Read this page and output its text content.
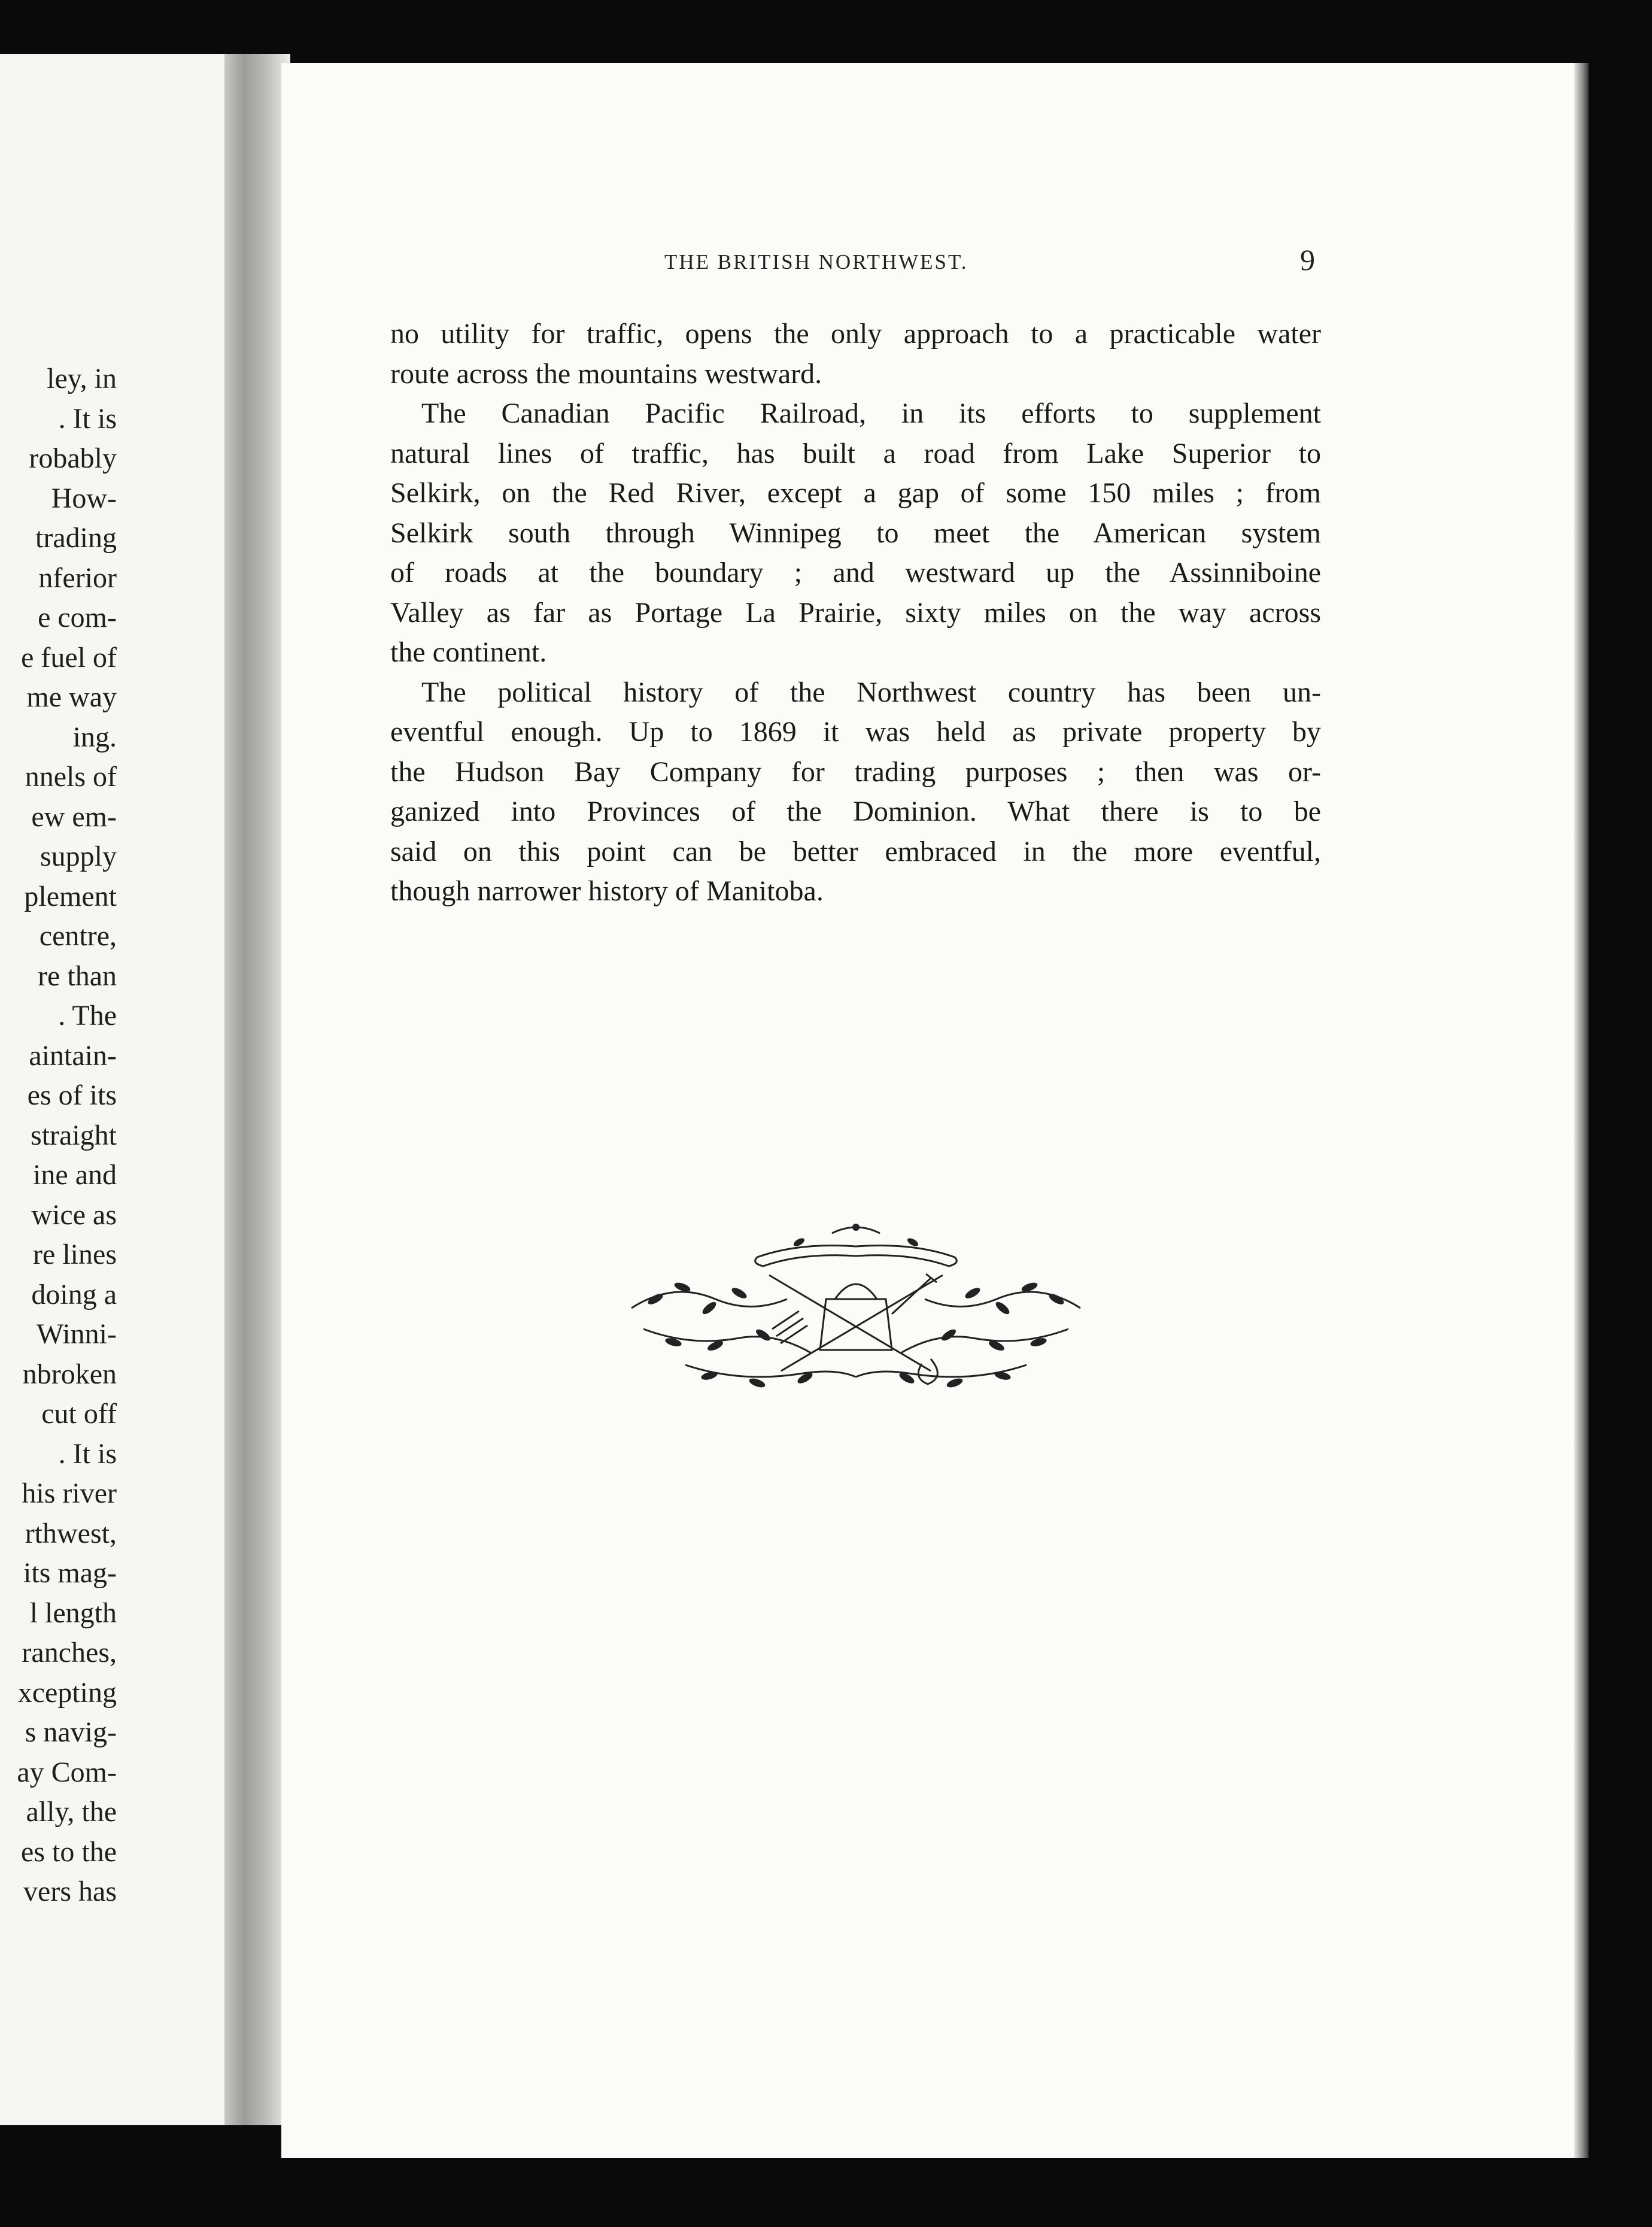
ley, in
. It is
robably
How-
trading
nferior
e com-
e fuel of
me way
ing.
nnels of
ew em-
supply
plement
centre,
re than
. The
aintain-
es of its
straight
ine and
wice as
re lines
doing a
Winni-
nbroken
cut off
. It is
his river
rthwest,
its mag-
l length
ranches,
xcepting
s navig-
ay Com-
ally, the
es to the
vers has
THE BRITISH NORTHWEST.	9
no utility for traffic, opens the only approach to a practicable water
route across the mountains westward.
The Canadian Pacific Railroad, in its efforts to supplement
natural lines of traffic, has built a road from Lake Superior to
Selkirk, on the Red River, except a gap of some 150 miles ; from
Selkirk south through Winnipeg to meet the American system
of roads at the boundary ; and westward up the Assinniboine
Valley as far as Portage La Prairie, sixty miles on the way across
the continent.
The political history of the Northwest country has been un-
eventful enough. Up to 1869 it was held as private property by
the Hudson Bay Company for trading purposes ; then was or-
ganized into Provinces of the Dominion. What there is to be
said on this point can be better embraced in the more eventful,
though narrower history of Manitoba.
